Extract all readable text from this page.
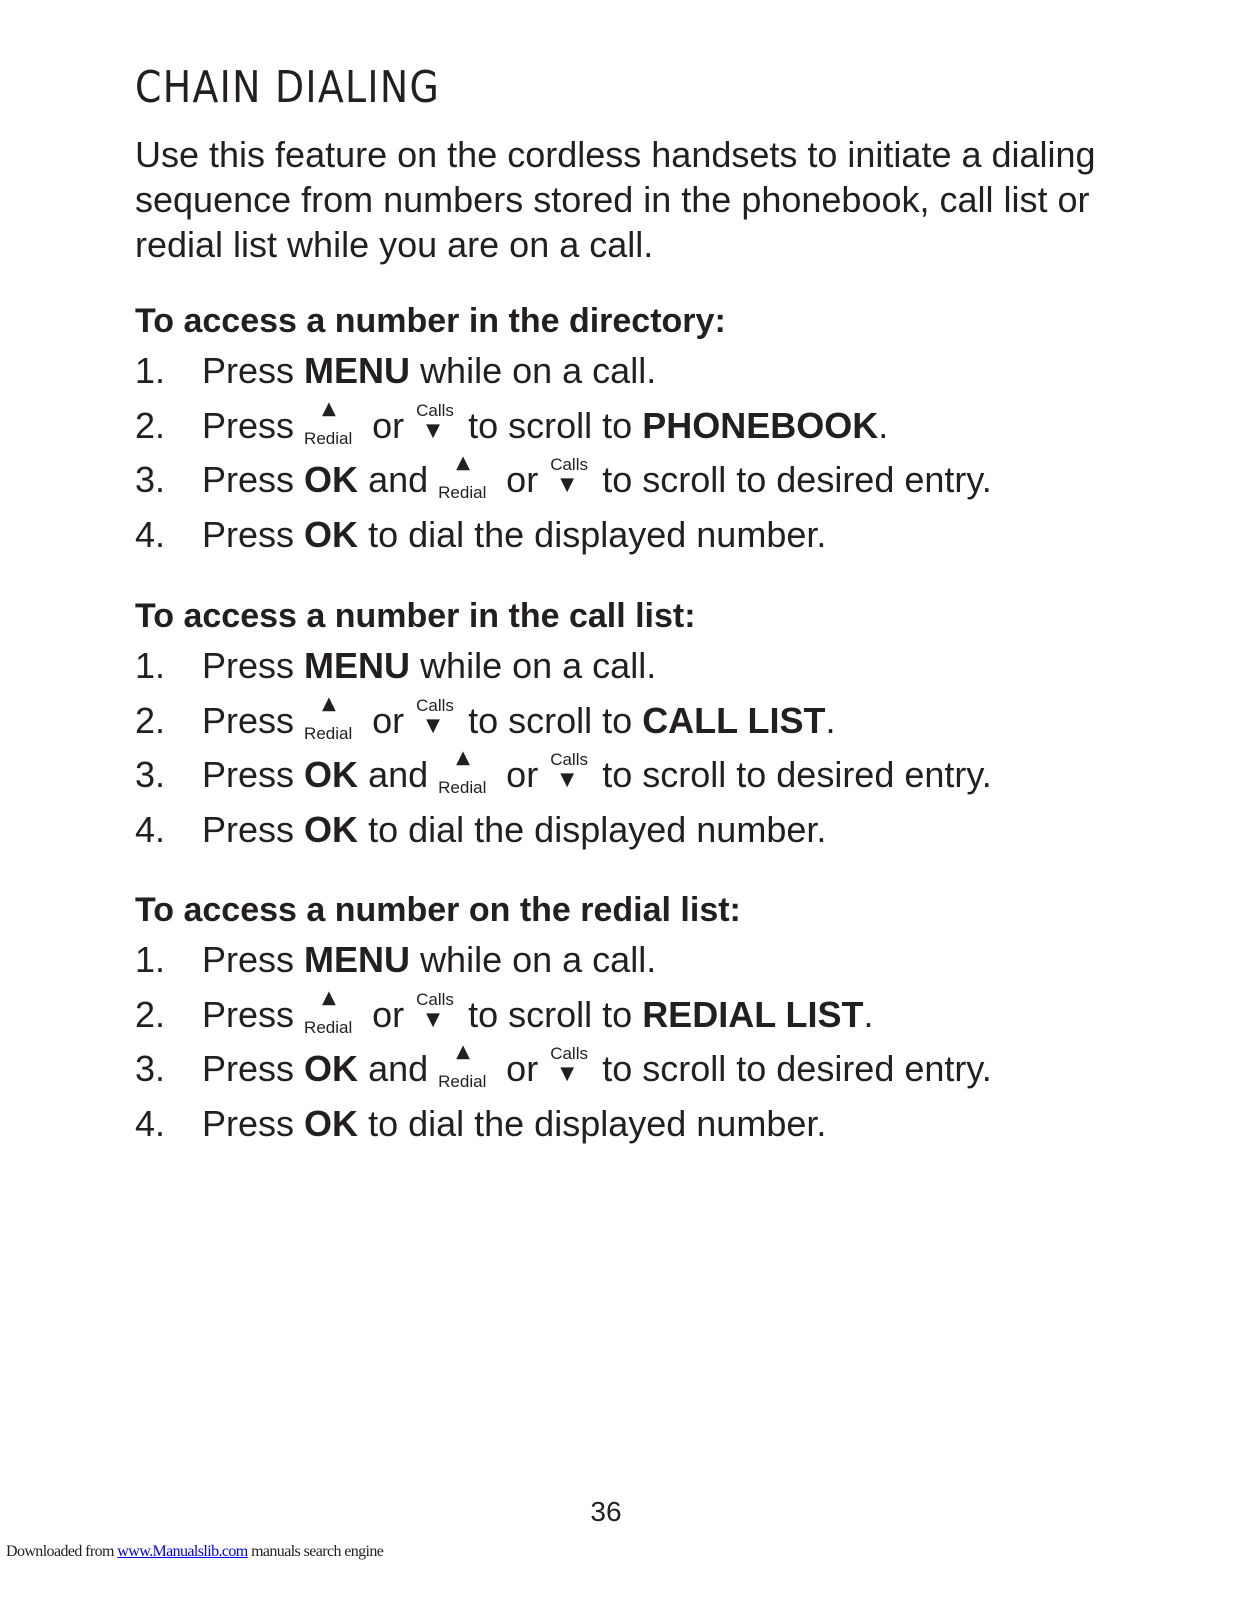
CHAIN DIALING

Use this feature on the cordless handsets to initiate a dialing sequence from numbers stored in the phonebook, call list or redial list while you are on a call.

To access a number in the directory:
1. Press MENU while on a call.
2. Press ▲
Redial or Calls
▼ to scroll to PHONEBOOK.
3. Press OK and ▲
Redial or Calls
▼ to scroll to desired entry.
4. Press OK to dial the displayed number.
To access a number in the call list:
1. Press MENU while on a call.
2. Press ▲
Redial or Calls
▼ to scroll to CALL LIST.
3. Press OK and ▲
Redial or Calls
▼ to scroll to desired entry.
4. Press OK to dial the displayed number.
To access a number on the redial list:
1. Press MENU while on a call.
2. Press ▲
Redial or Calls
▼ to scroll to REDIAL LIST.
3. Press OK and ▲
Redial or Calls
▼ to scroll to desired entry.
4. Press OK to dial the displayed number.
36
Downloaded from www.Manualslib.com manuals search engine
